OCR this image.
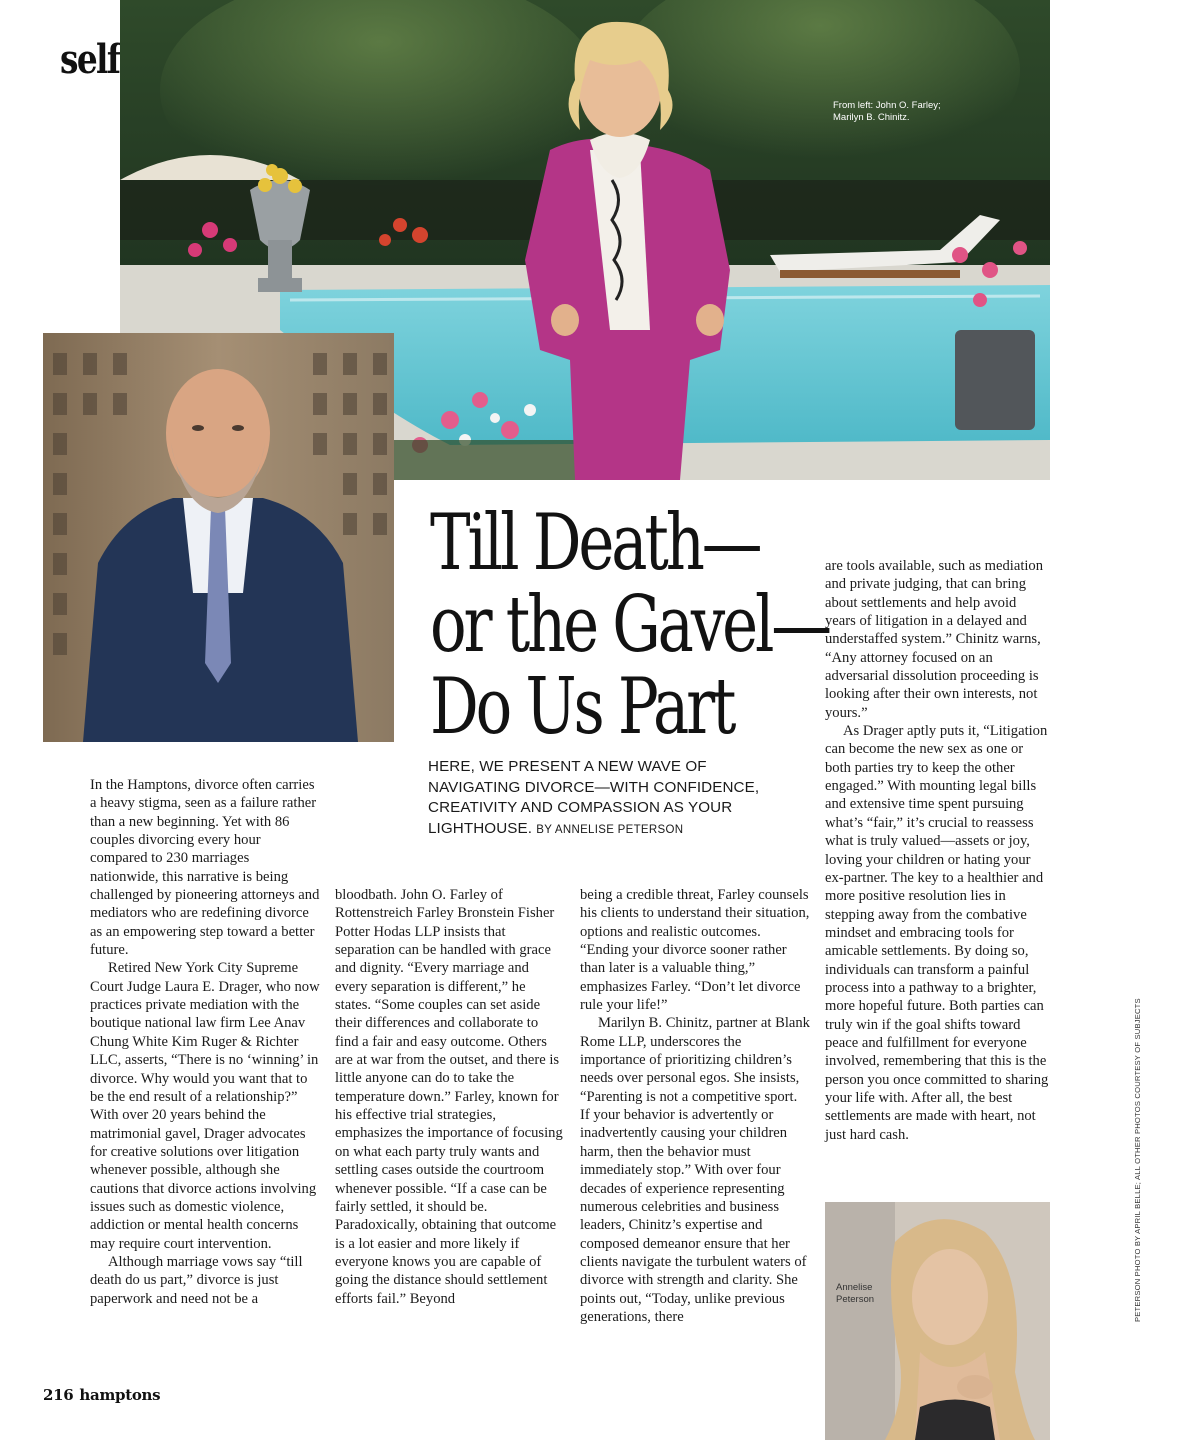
self
From left: John O. Farley;
Marilyn B. Chinitz.
Till Death—
or the Gavel—
Do Us Part
HERE, WE PRESENT A NEW WAVE OF NAVIGATING DIVORCE—WITH CONFIDENCE, CREATIVITY AND COMPASSION AS YOUR LIGHTHOUSE. BY ANNELISE PETERSON

In the Hamptons, divorce often carries a heavy stigma, seen as a failure rather than a new beginning. Yet with 86 couples divorcing every hour compared to 230 marriages nationwide, this narrative is being challenged by pioneering attorneys and mediators who are redefining divorce as an empowering step toward a better future.

Retired New York City Supreme Court Judge Laura E. Drager, who now practices private mediation with the boutique national law firm Lee Anav Chung White Kim Ruger & Richter LLC, asserts, “There is no ‘winning’ in divorce. Why would you want that to be the end result of a relationship?” With over 20 years behind the matrimonial gavel, Drager advocates for creative solutions over litigation whenever possible, although she cautions that divorce actions involving issues such as domestic violence, addiction or mental health concerns may require court intervention.

Although marriage vows say “till death do us part,” divorce is just paperwork and need not be a

bloodbath. John O. Farley of Rottenstreich Farley Bronstein Fisher Potter Hodas LLP insists that separation can be handled with grace and dignity. “Every marriage and every separation is different,” he states. “Some couples can set aside their differences and collaborate to find a fair and easy outcome. Others are at war from the outset, and there is little anyone can do to take the temperature down.” Farley, known for his effective trial strategies, emphasizes the importance of focusing on what each party truly wants and settling cases outside the courtroom whenever possible. “If a case can be fairly settled, it should be. Paradoxically, obtaining that outcome is a lot easier and more likely if everyone knows you are capable of going the distance should settlement efforts fail.” Beyond

being a credible threat, Farley counsels his clients to understand their situation, options and realistic outcomes. “Ending your divorce sooner rather than later is a valuable thing,” emphasizes Farley. “Don’t let divorce rule your life!”

Marilyn B. Chinitz, partner at Blank Rome LLP, underscores the importance of prioritizing children’s needs over personal egos. She insists, “Parenting is not a competitive sport. If your behavior is advertently or inadvertently causing your children harm, then the behavior must immediately stop.” With over four decades of experience representing numerous celebrities and business leaders, Chinitz’s expertise and composed demeanor ensure that her clients navigate the turbulent waters of divorce with strength and clarity. She points out, “Today, unlike previous generations, there

are tools available, such as mediation and private judging, that can bring about settlements and help avoid years of litigation in a delayed and understaffed system.” Chinitz warns, “Any attorney focused on an adversarial dissolution proceeding is looking after their own interests, not yours.”

As Drager aptly puts it, “Litigation can become the new sex as one or both parties try to keep the other engaged.” With mounting legal bills and extensive time spent pursuing what’s “fair,” it’s crucial to reassess what is truly valued—assets or joy, loving your children or hating your ex-partner. The key to a healthier and more positive resolution lies in stepping away from the combative mindset and embracing tools for amicable settlements. By doing so, individuals can transform a painful process into a pathway to a brighter, more hopeful future. Both parties can truly win if the goal shifts toward peace and fulfillment for everyone involved, remembering that this is the person you once committed to sharing your life with. After all, the best settlements are made with heart, not just hard cash.

Annelise
Peterson	PETERSON PHOTO BY APRIL BELLE; ALL OTHER PHOTOS COURTESY OF SUBJECTS
216 hamptons
